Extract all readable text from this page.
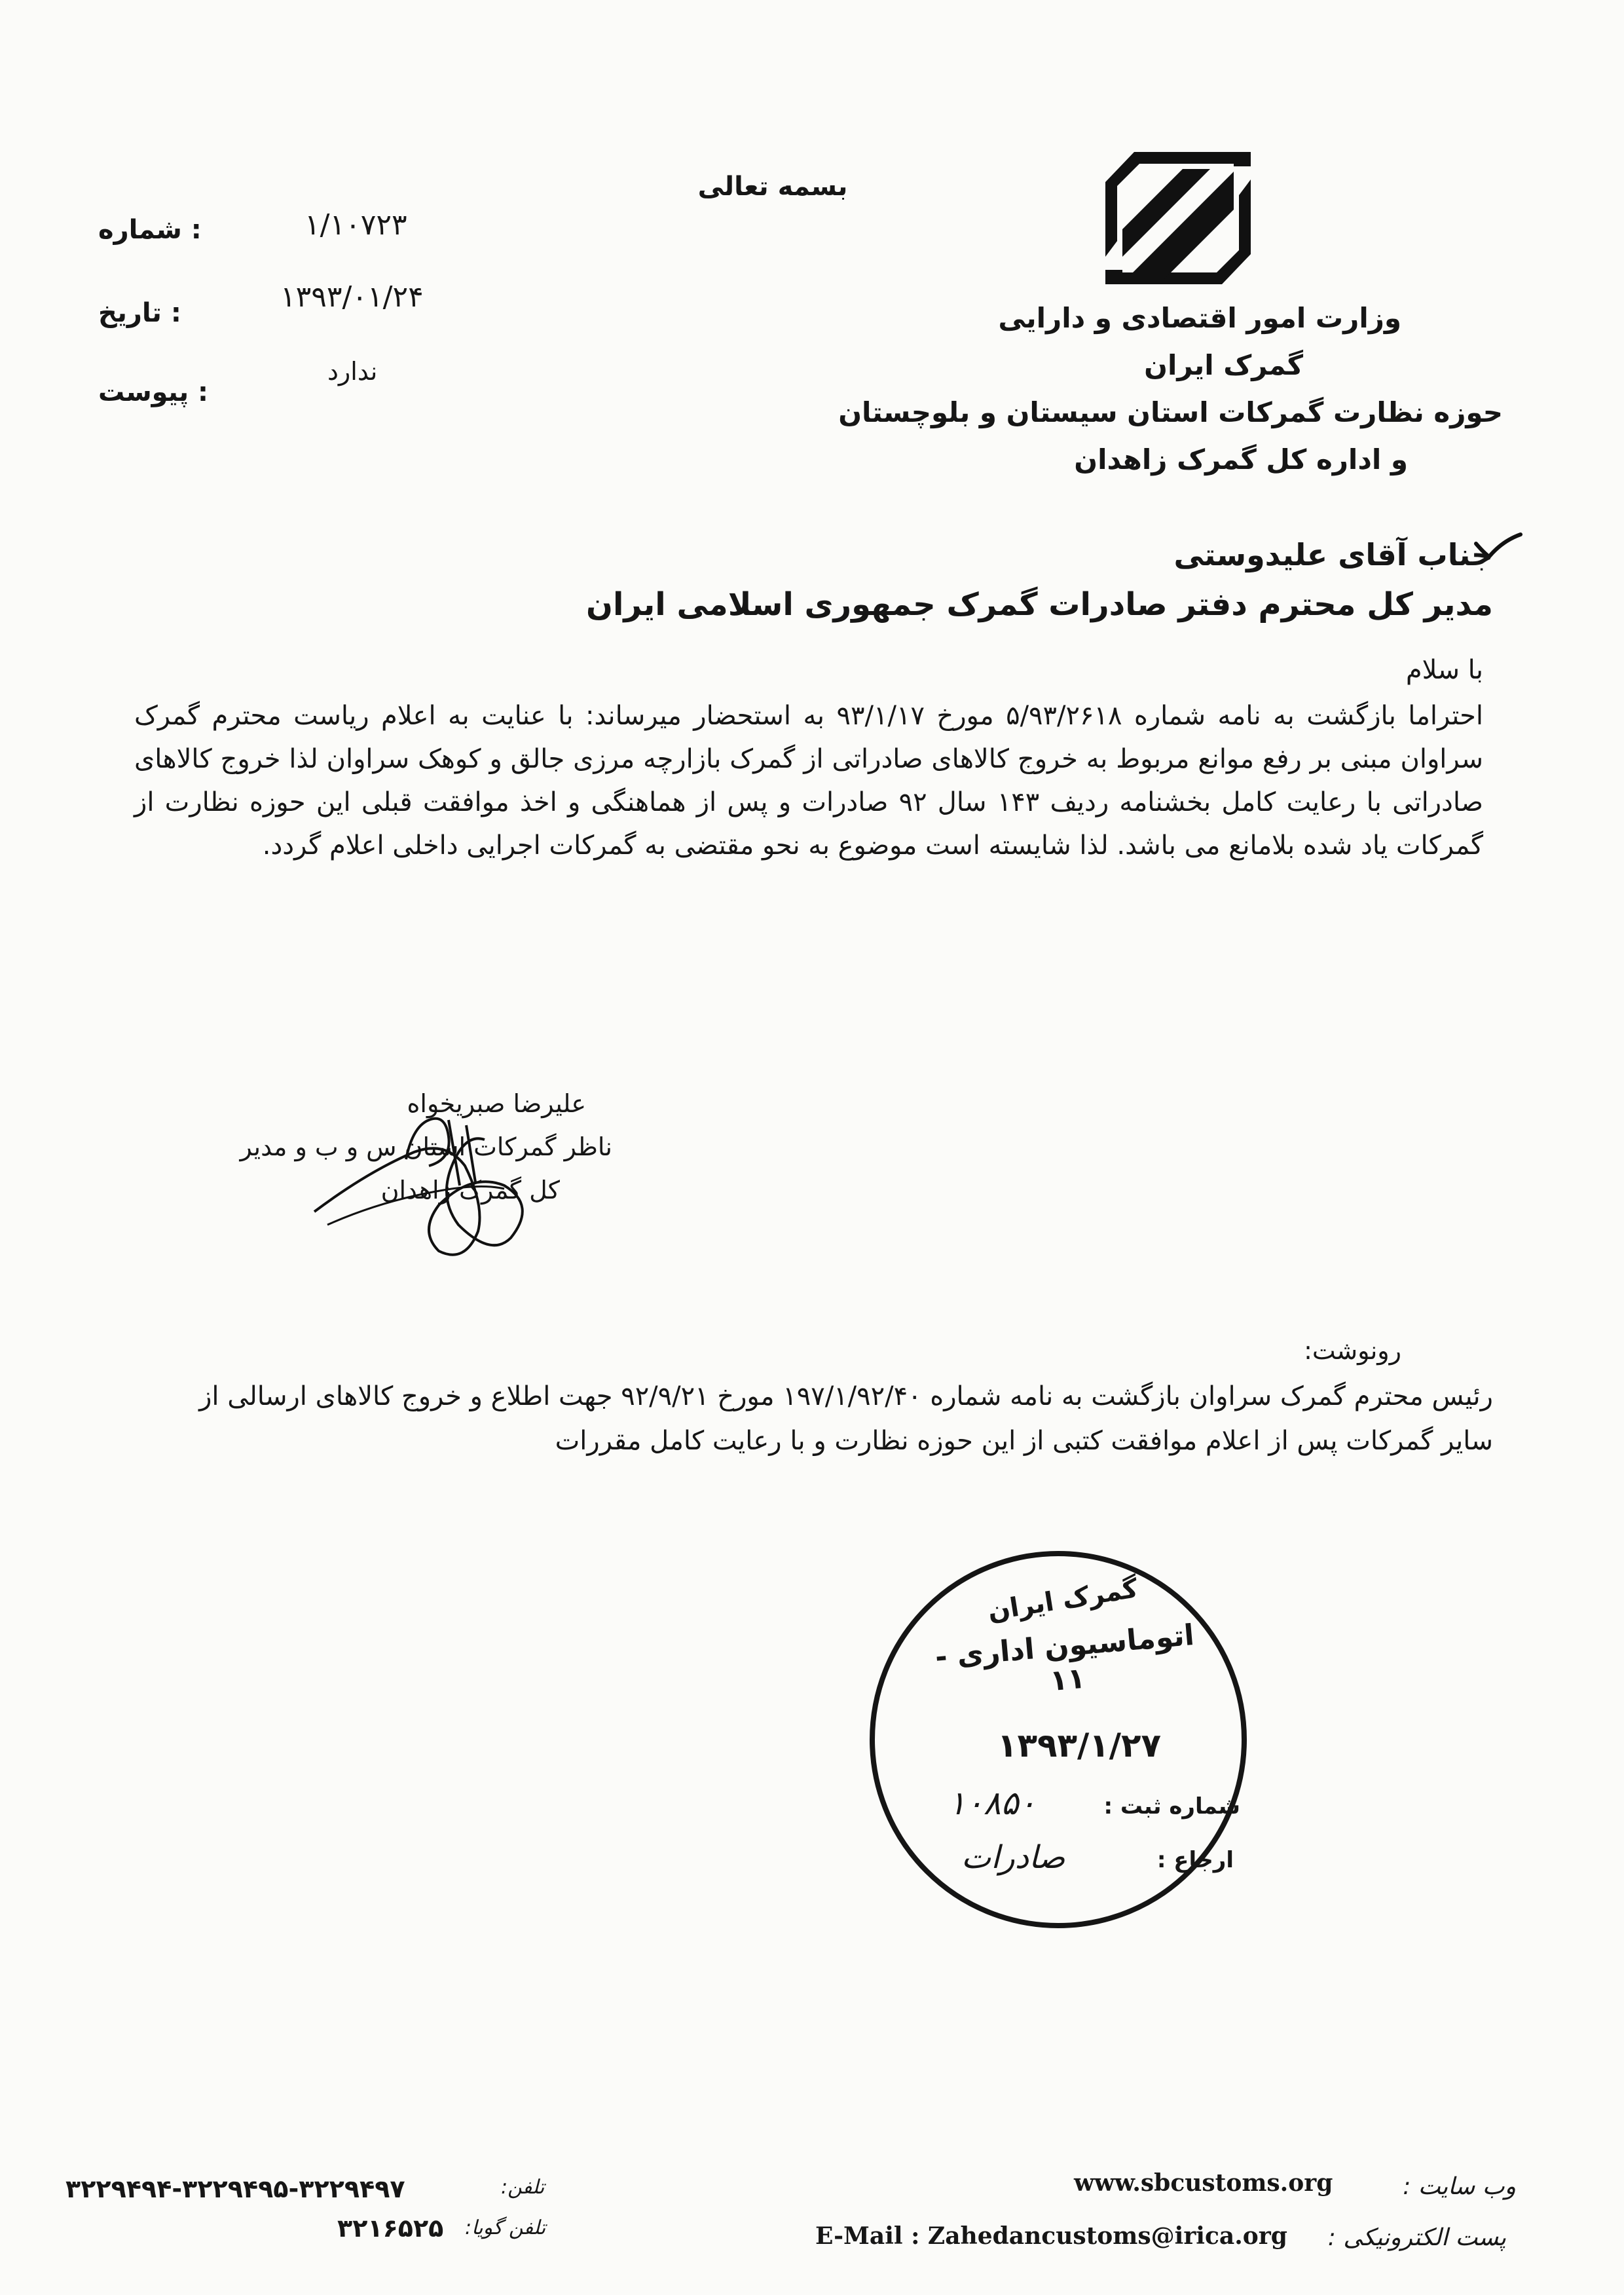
بسمه تعالی
۱/۱۰۷۲۳
: شماره
۱۳۹۳/۰۱/۲۴
: تاریخ
ندارد
: پیوست
وزارت امور اقتصادی و دارایی
گمرک ایران
حوزه نظارت گمرکات استان سیستان و بلوچستان
و اداره کل گمرک زاهدان
جناب آقای علیدوستی
مدیر کل محترم دفتر صادرات گمرک جمهوری اسلامی ایران
با سلام

احتراما بازگشت به نامه شماره ۵/۹۳/۲۶۱۸ مورخ ۹۳/۱/۱۷ به استحضار میرساند: با عنایت به اعلام ریاست محترم گمرک سراوان مبنی بر رفع موانع مربوط به خروج کالاهای صادراتی از گمرک بازارچه مرزی جالق و کوهک سراوان لذا خروج کالاهای صادراتی با رعایت کامل بخشنامه ردیف ۱۴۳ سال ۹۲ صادرات و پس از هماهنگی و اخذ موافقت قبلی این حوزه نظارت از گمرکات یاد شده بلامانع می باشد. لذا شایسته است موضوع به نحو مقتضی به گمرکات اجرایی داخلی اعلام گردد.

علیرضا صبریخواه
ناظر گمرکات استان س و ب و مدیر
کل گمرک زاهدان
رونوشت:
رئیس محترم گمرک سراوان بازگشت به نامه شماره ۱۹۷/۱/۹۲/۴۰ مورخ ۹۲/۹/۲۱ جهت اطلاع و خروج کالاهای ارسالی از سایر گمرکات پس از اعلام موافقت کتبی از این حوزه نظارت و با رعایت کامل مقررات
گمرک ایران
اتوماسیون اداری - ۱۱
۱۳۹۳/۱/۲۷
شماره ثبت :
۱۰۸۵۰
ارجاع :
صادرات
وب سایت :
www.sbcustoms.org
پست الکترونیکی :
E-Mail : Zahedancustoms@irica.org
۳۲۲۹۴۹۴-۳۲۲۹۴۹۵-۳۲۲۹۴۹۷	تلفن:
۳۲۱۶۵۲۵ تلفن گویا:
